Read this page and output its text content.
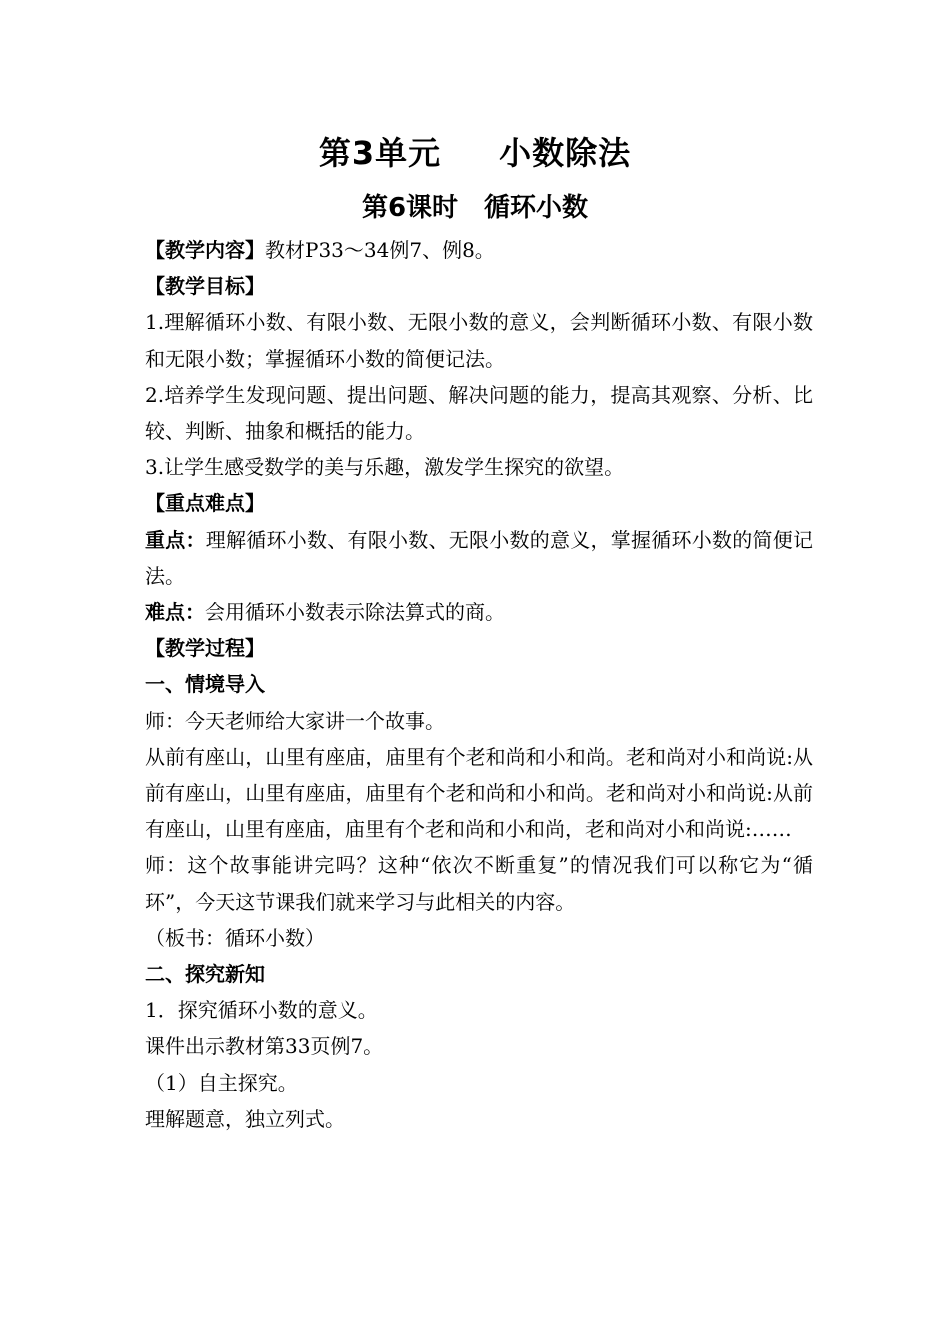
第3单元 小数除法
第6课时 循环小数

【教学内容】教材P33～34例7、例8。

【教学目标】

1.理解循环小数、有限小数、无限小数的意义，会判断循环小数、有限小数和无限小数；掌握循环小数的简便记法。

2.培养学生发现问题、提出问题、解决问题的能力，提高其观察、分析、比较、判断、抽象和概括的能力。

3.让学生感受数学的美与乐趣，激发学生探究的欲望。

【重点难点】

重点：理解循环小数、有限小数、无限小数的意义，掌握循环小数的简便记法。

难点：会用循环小数表示除法算式的商。

【教学过程】

一、情境导入

师：今天老师给大家讲一个故事。

从前有座山，山里有座庙，庙里有个老和尚和小和尚。老和尚对小和尚说:从前有座山，山里有座庙，庙里有个老和尚和小和尚。老和尚对小和尚说:从前有座山，山里有座庙，庙里有个老和尚和小和尚，老和尚对小和尚说:……

师：这个故事能讲完吗？这种“依次不断重复”的情况我们可以称它为“循环”，今天这节课我们就来学习与此相关的内容。

（板书：循环小数）

二、探究新知

1．探究循环小数的意义。

课件出示教材第33页例7。

（1）自主探究。

理解题意，独立列式。
